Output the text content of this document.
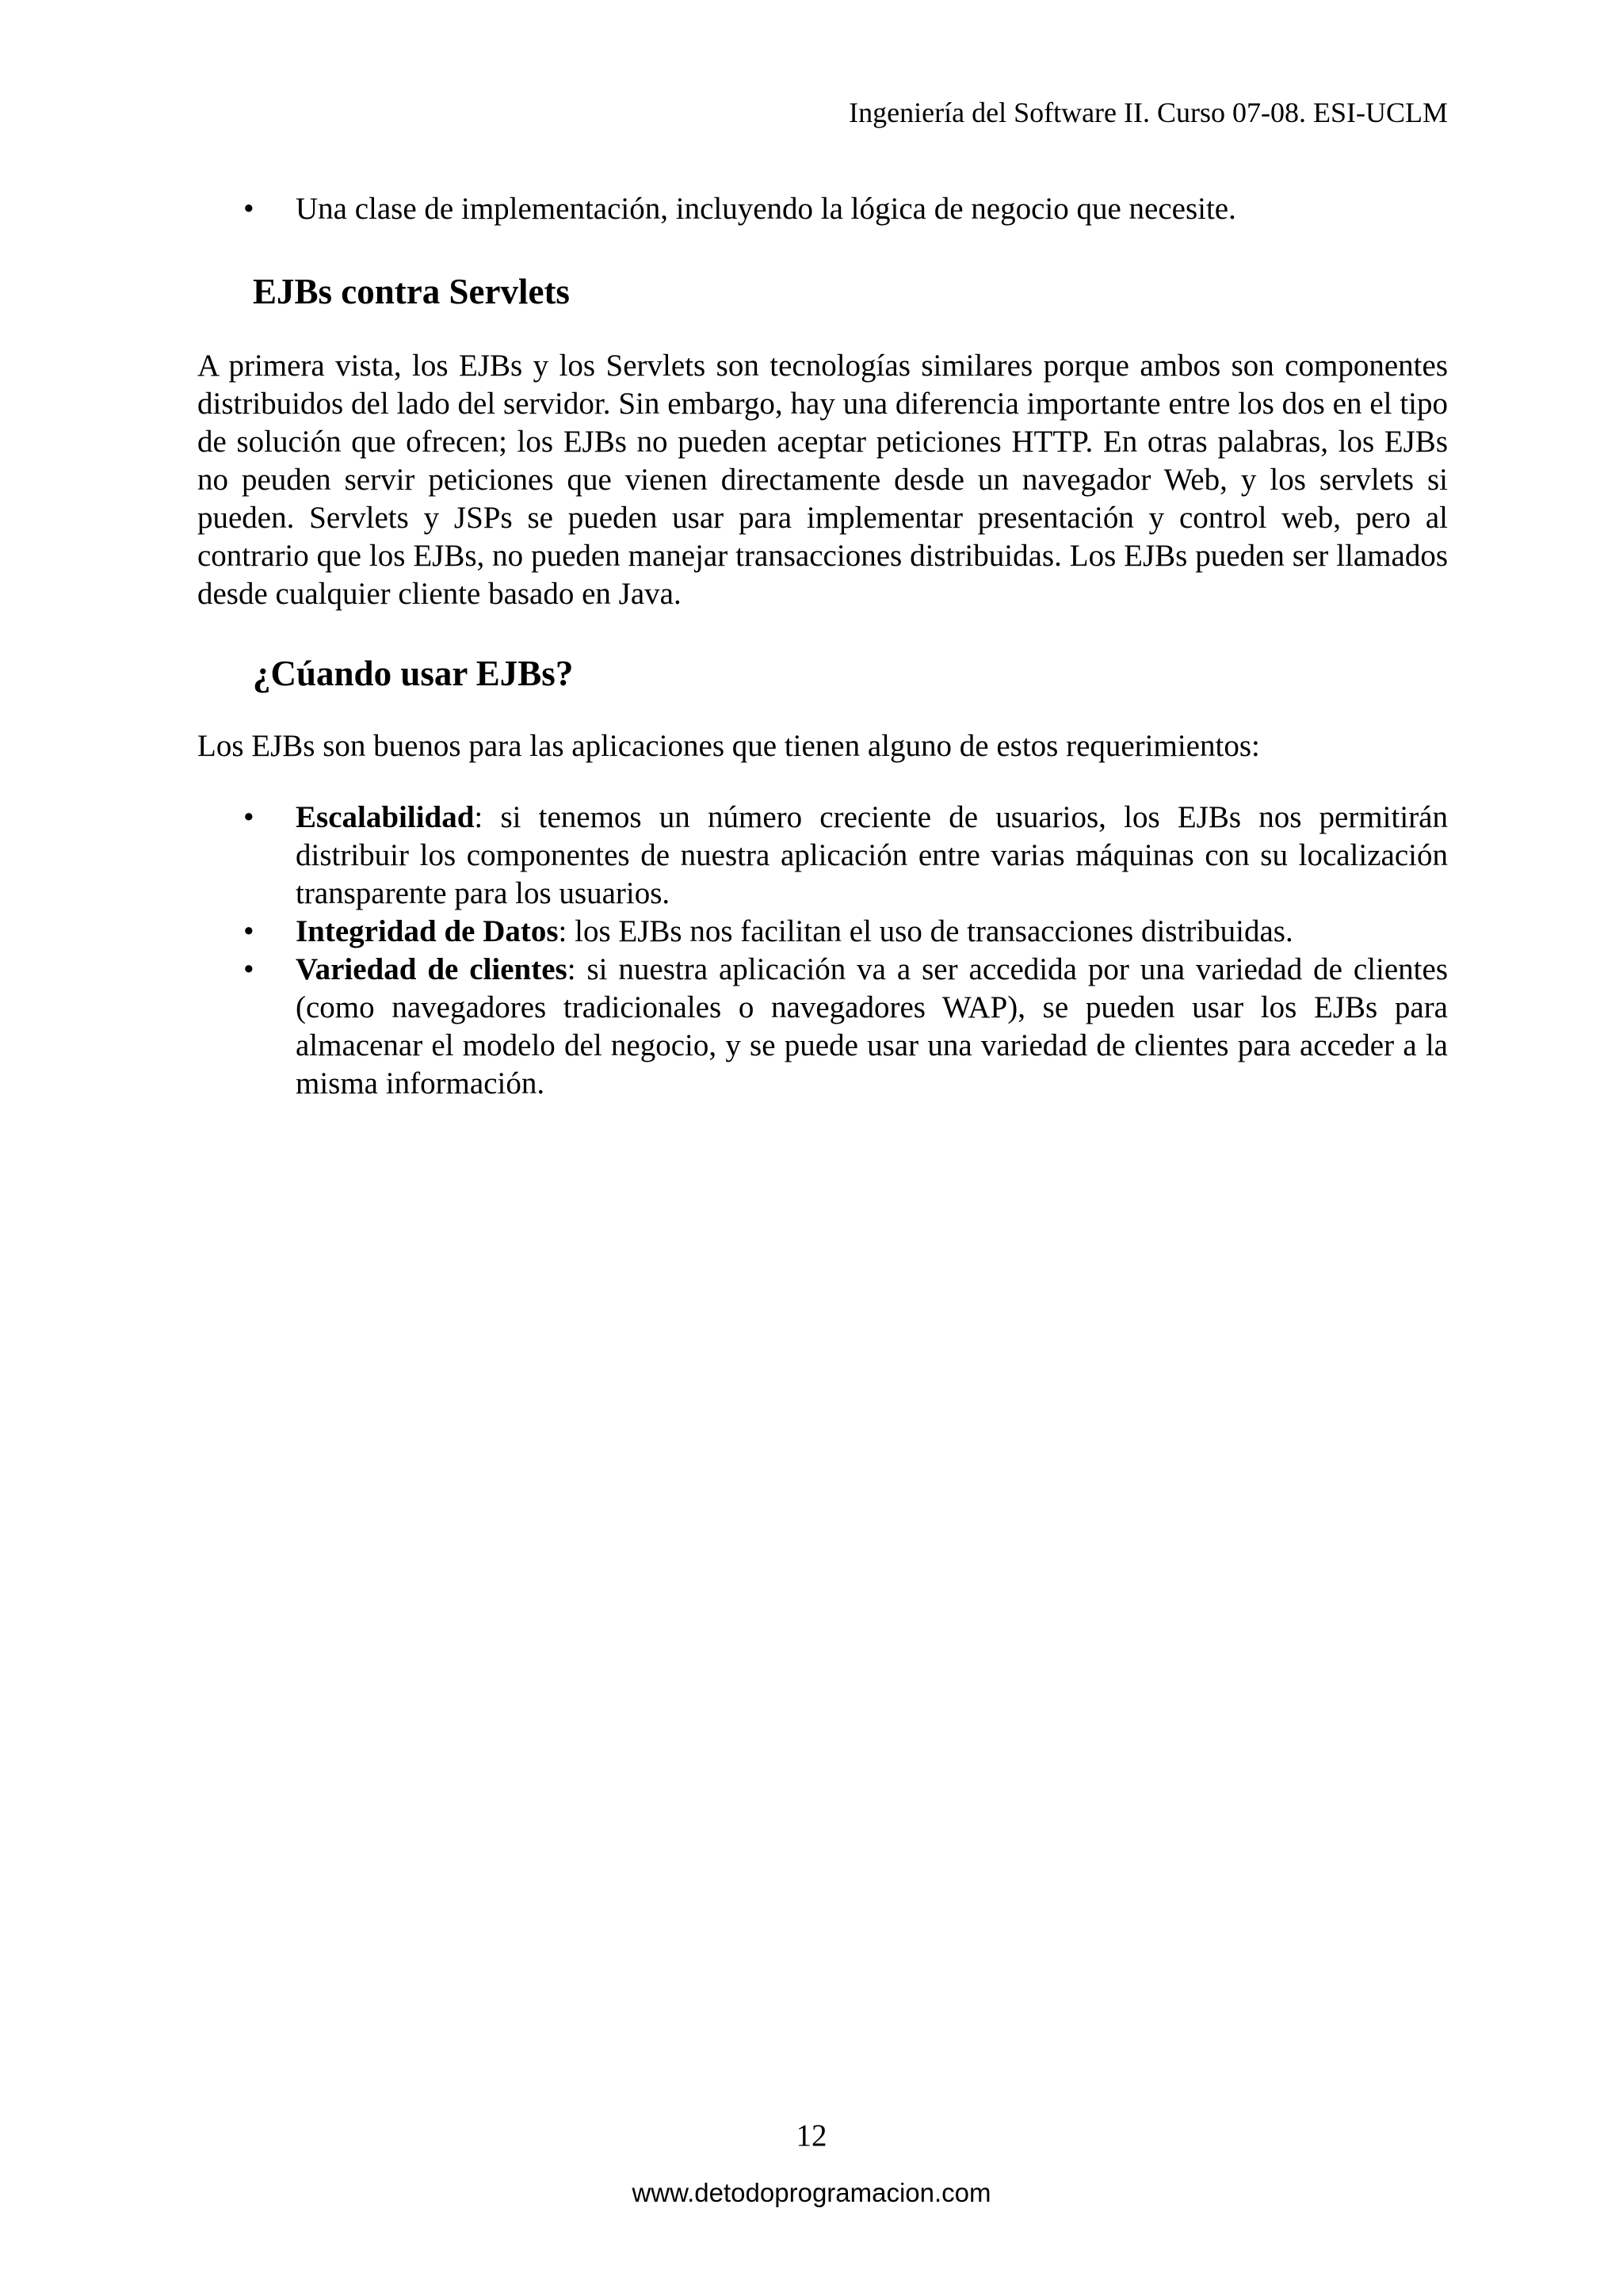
Ingeniería del Software II. Curso 07-08. ESI-UCLM
• Una clase de implementación, incluyendo la lógica de negocio que necesite.
EJBs contra Servlets

A primera vista, los EJBs y los Servlets son tecnologías similares porque ambos son componentes distribuidos del lado del servidor. Sin embargo, hay una diferencia importante entre los dos en el tipo de solución que ofrecen; los EJBs no pueden aceptar peticiones HTTP. En otras palabras, los EJBs no peuden servir peticiones que vienen directamente desde un navegador Web, y los servlets si pueden. Servlets y JSPs se pueden usar para implementar presentación y control web, pero al contrario que los EJBs, no pueden manejar transacciones distribuidas. Los EJBs pueden ser llamados desde cualquier cliente basado en Java.

¿Cúando usar EJBs?

Los EJBs son buenos para las aplicaciones que tienen alguno de estos requerimientos:

• Escalabilidad: si tenemos un número creciente de usuarios, los EJBs nos permitirán distribuir los componentes de nuestra aplicación entre varias máquinas con su localización transparente para los usuarios.
• Integridad de Datos: los EJBs nos facilitan el uso de transacciones distribuidas.
• Variedad de clientes: si nuestra aplicación va a ser accedida por una variedad de clientes (como navegadores tradicionales o navegadores WAP), se pueden usar los EJBs para almacenar el modelo del negocio, y se puede usar una variedad de clientes para acceder a la misma información.
12
www.detodoprogramacion.com
